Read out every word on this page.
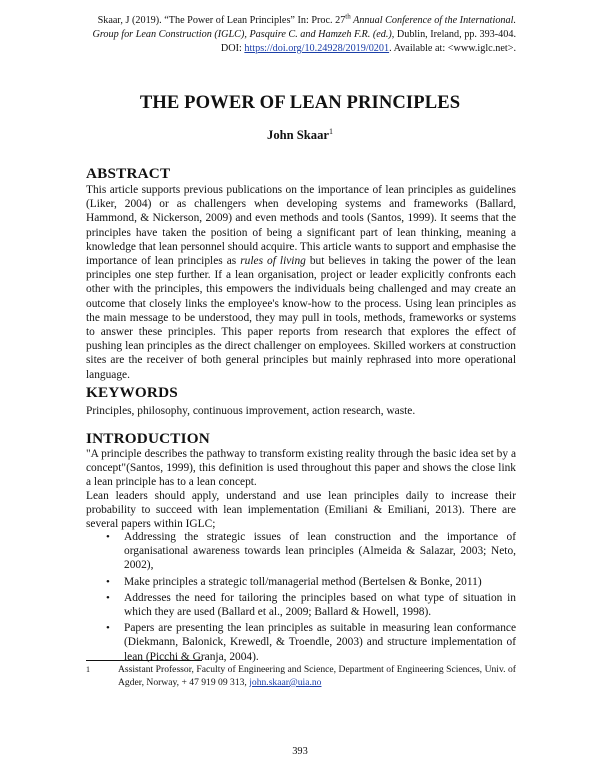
Skaar, J (2019). “The Power of Lean Principles” In: Proc. 27th Annual Conference of the International. Group for Lean Construction (IGLC), Pasquire C. and Hamzeh F.R. (ed.), Dublin, Ireland, pp. 393-404. DOI: https://doi.org/10.24928/2019/0201. Available at: <www.iglc.net>.
THE POWER OF LEAN PRINCIPLES
John Skaar$^1$
ABSTRACT

This article supports previous publications on the importance of lean principles as guidelines (Liker, 2004) or as challengers when developing systems and frameworks (Ballard, Hammond, & Nickerson, 2009) and even methods and tools (Santos, 1999). It seems that the principles have taken the position of being a significant part of lean thinking, meaning a knowledge that lean personnel should acquire. This article wants to support and emphasise the importance of lean principles as rules of living but believes in taking the power of the lean principles one step further. If a lean organisation, project or leader explicitly confronts each other with the principles, this empowers the individuals being challenged and may create an outcome that closely links the employee's know-how to the process. Using lean principles as the main message to be understood, they may pull in tools, methods, frameworks or systems to answer these principles. This paper reports from research that explores the effect of pushing lean principles as the direct challenger on employees. Skilled workers at construction sites are the receiver of both general principles but mainly rephrased into more operational language.

KEYWORDS

Principles, philosophy, continuous improvement, action research, waste.

INTRODUCTION

"A principle describes the pathway to transform existing reality through the basic idea set by a concept"(Santos, 1999), this definition is used throughout this paper and shows the close link a lean principle has to a lean concept.

Lean leaders should apply, understand and use lean principles daily to increase their probability to succeed with lean implementation (Emiliani & Emiliani, 2013). There are several papers within IGLC;

• Addressing the strategic issues of lean construction and the importance of organisational awareness towards lean principles (Almeida & Salazar, 2003; Neto, 2002),
• Make principles a strategic toll/managerial method (Bertelsen & Bonke, 2011)
• Addresses the need for tailoring the principles based on what type of situation in which they are used (Ballard et al., 2009; Ballard & Howell, 1998).
• Papers are presenting the lean principles as suitable in measuring lean conformance (Diekmann, Balonick, Krewedl, & Troendle, 2003) and structure implementation of lean (Picchi & Granja, 2004).
1	Assistant Professor, Faculty of Engineering and Science, Department of Engineering Sciences, Univ. of Agder, Norway, + 47 919 09 313, john.skaar@uia.no
393
